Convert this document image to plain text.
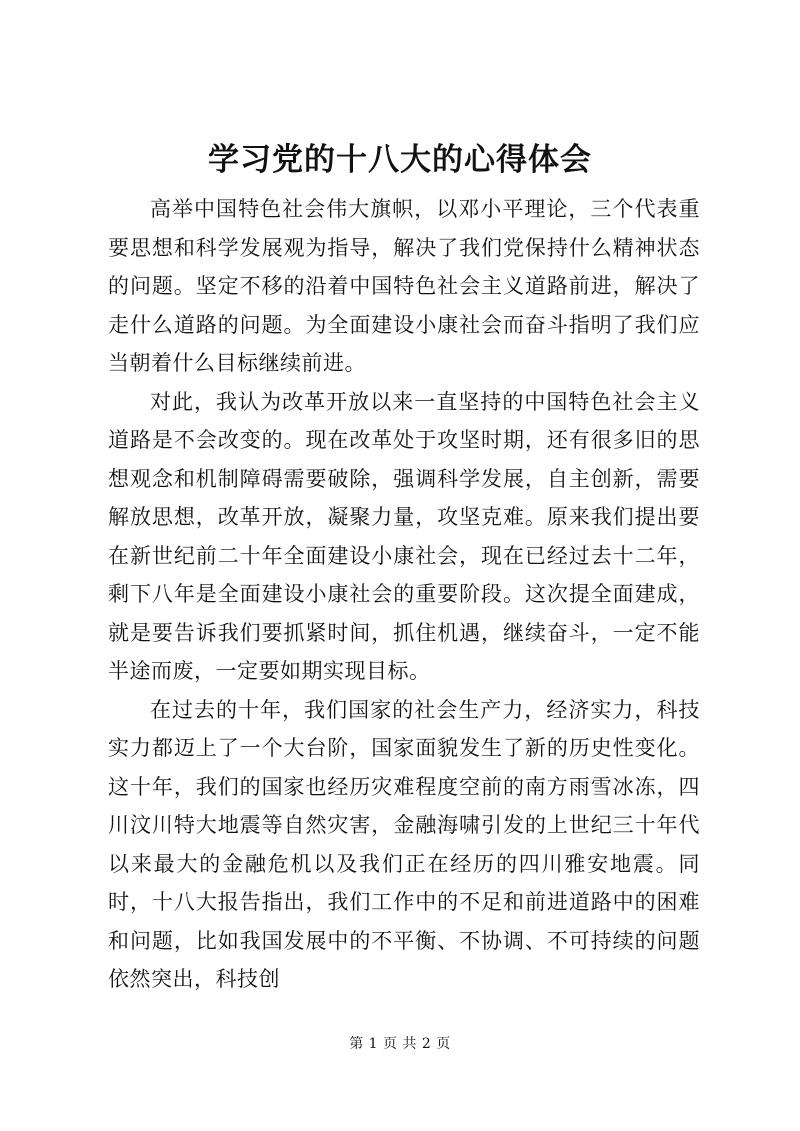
学习党的十八大的心得体会

高举中国特色社会伟大旗帜，以邓小平理论，三个代表重要思想和科学发展观为指导，解决了我们党保持什么精神状态的问题。坚定不移的沿着中国特色社会主义道路前进，解决了走什么道路的问题。为全面建设小康社会而奋斗指明了我们应当朝着什么目标继续前进。

对此，我认为改革开放以来一直坚持的中国特色社会主义道路是不会改变的。现在改革处于攻坚时期，还有很多旧的思想观念和机制障碍需要破除，强调科学发展，自主创新，需要解放思想，改革开放，凝聚力量，攻坚克难。原来我们提出要在新世纪前二十年全面建设小康社会，现在已经过去十二年，剩下八年是全面建设小康社会的重要阶段。这次提全面建成，就是要告诉我们要抓紧时间，抓住机遇，继续奋斗，一定不能半途而废，一定要如期实现目标。

在过去的十年，我们国家的社会生产力，经济实力，科技实力都迈上了一个大台阶，国家面貌发生了新的历史性变化。这十年，我们的国家也经历灾难程度空前的南方雨雪冰冻，四川汶川特大地震等自然灾害，金融海啸引发的上世纪三十年代以来最大的金融危机以及我们正在经历的四川雅安地震。同时，十八大报告指出，我们工作中的不足和前进道路中的困难和问题，比如我国发展中的不平衡、不协调、不可持续的问题依然突出，科技创

第 1 页 共 2 页
